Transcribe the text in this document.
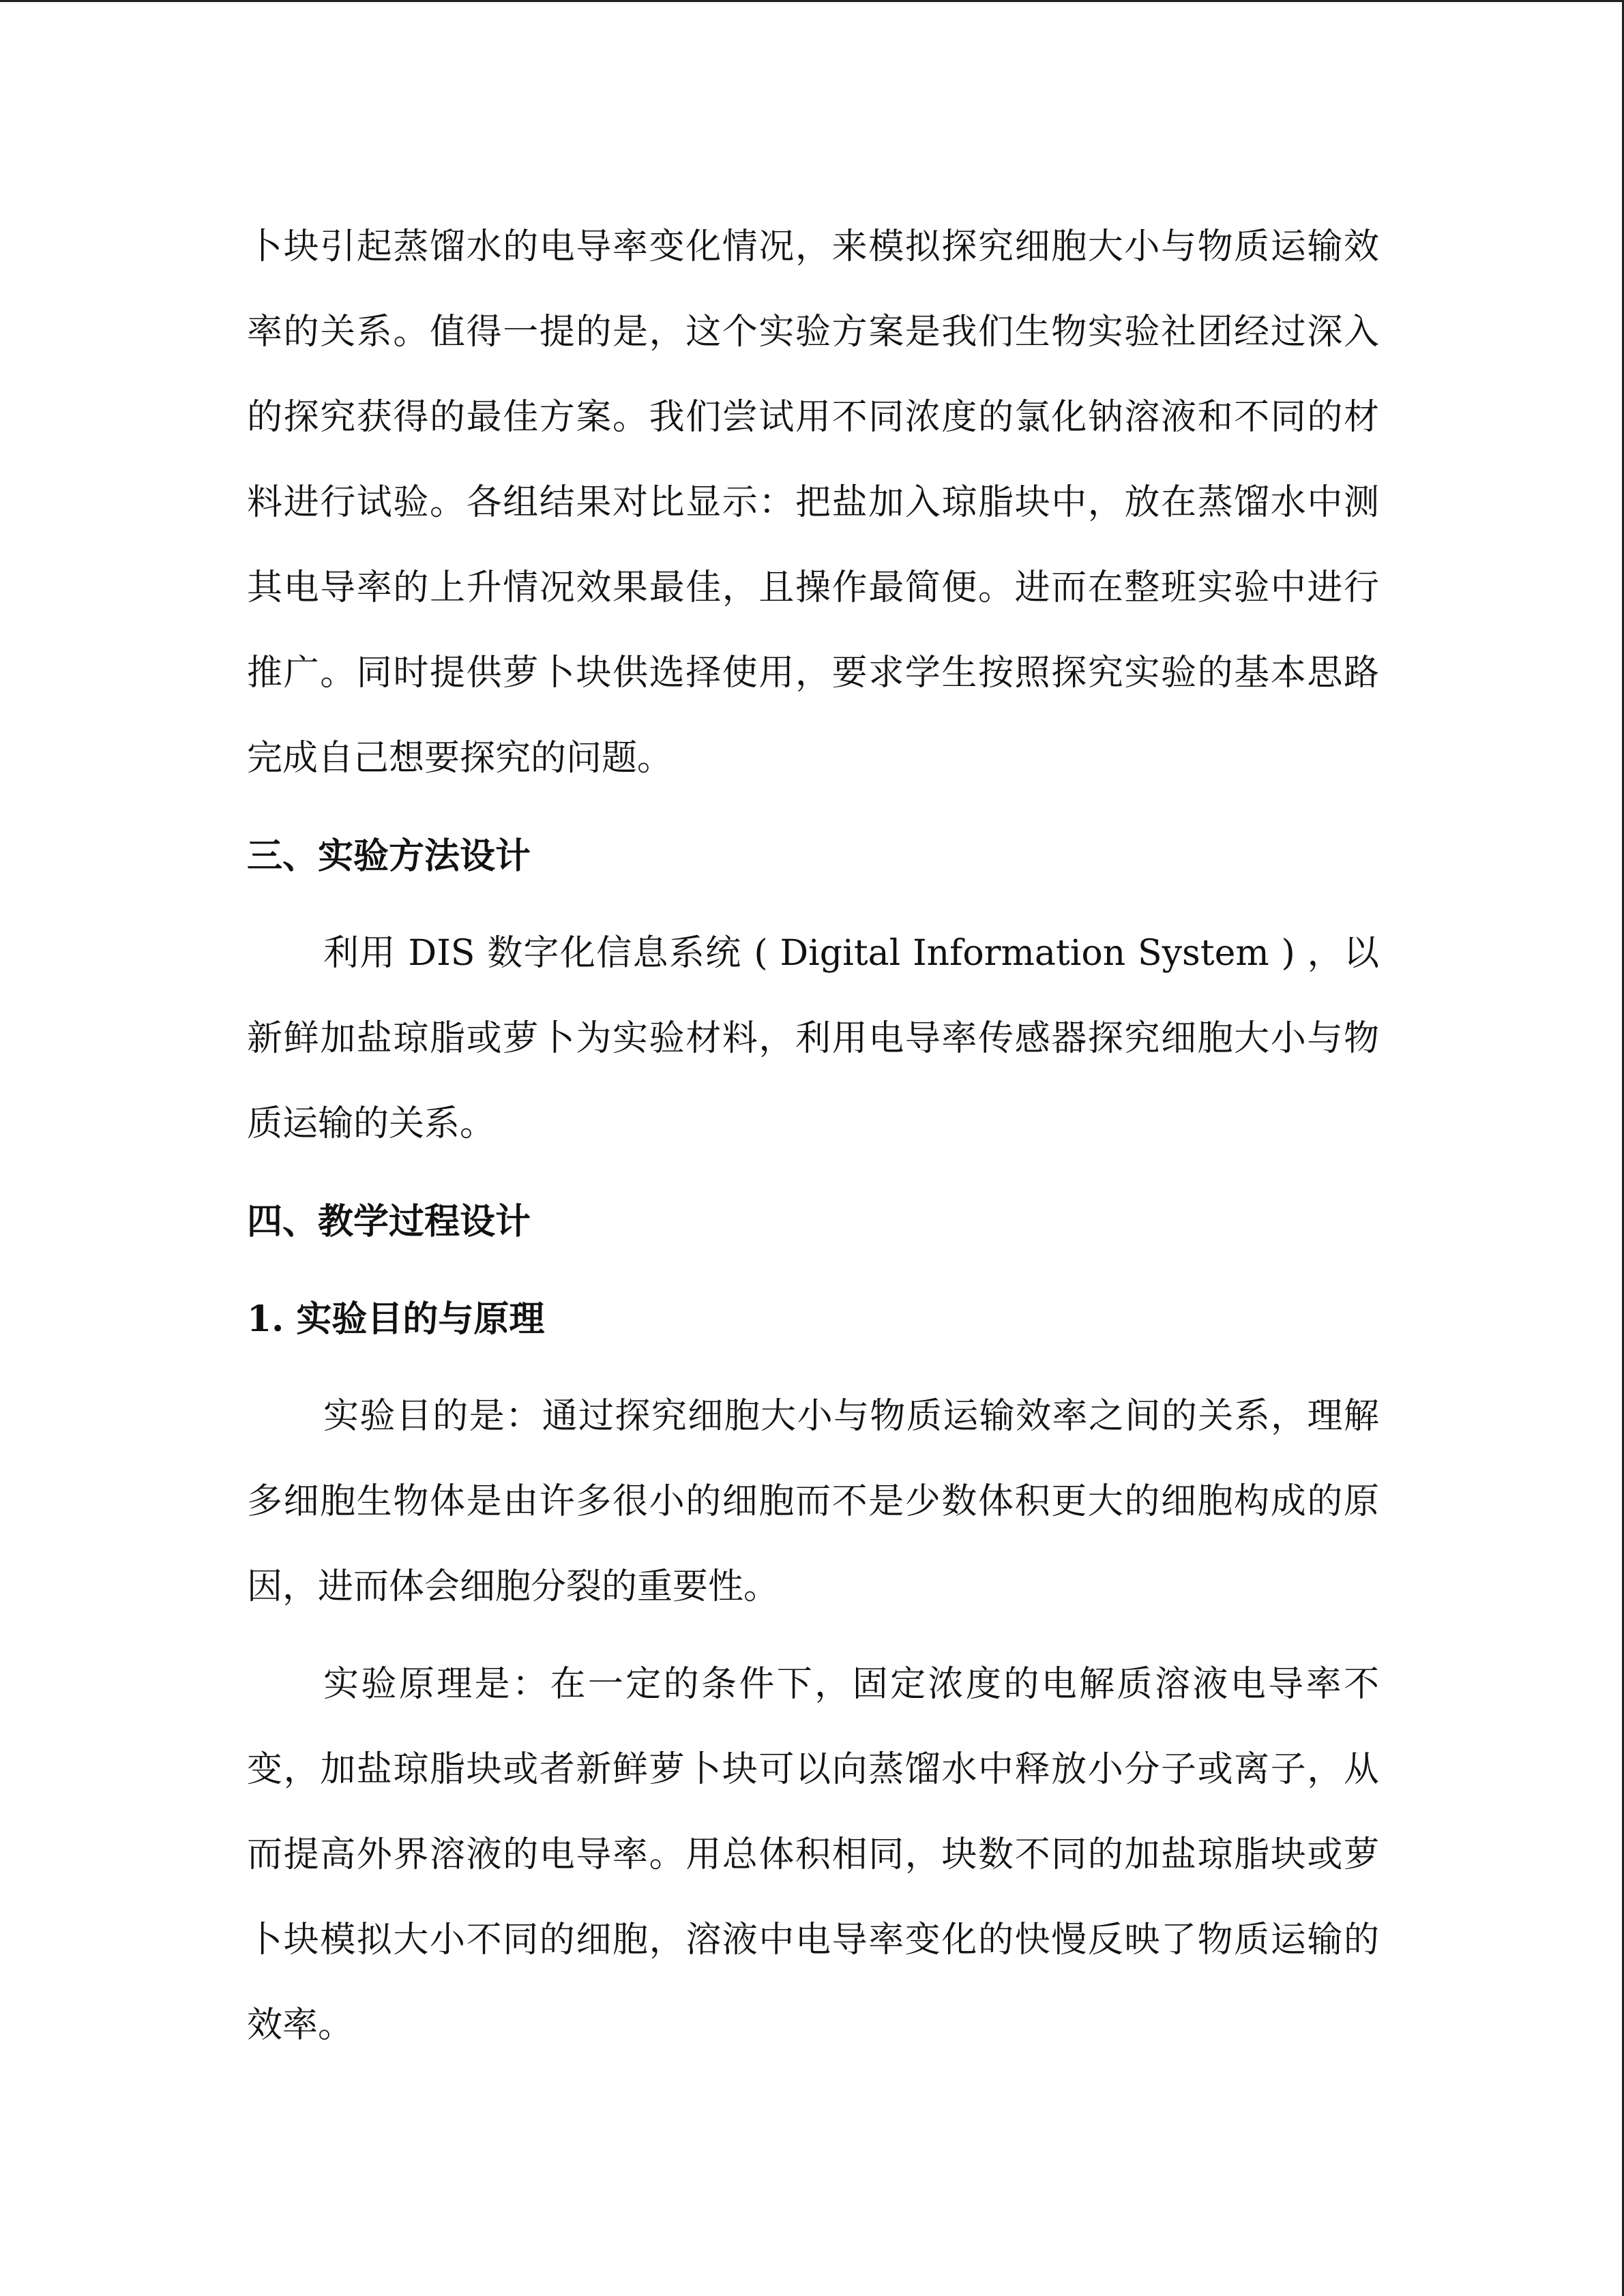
卜块引起蒸馏水的电导率变化情况，来模拟探究细胞大小与物质运输效率的关系。值得一提的是，这个实验方案是我们生物实验社团经过深入的探究获得的最佳方案。我们尝试用不同浓度的氯化钠溶液和不同的材料进行试验。各组结果对比显示：把盐加入琼脂块中，放在蒸馏水中测其电导率的上升情况效果最佳，且操作最简便。进而在整班实验中进行推广。同时提供萝卜块供选择使用，要求学生按照探究实验的基本思路完成自己想要探究的问题。

三、实验方法设计

利用 DIS 数字化信息系统 ( Digital Information System ) ，以新鲜加盐琼脂或萝卜为实验材料，利用电导率传感器探究细胞大小与物质运输的关系。

四、教学过程设计
1. 实验目的与原理

实验目的是：通过探究细胞大小与物质运输效率之间的关系，理解多细胞生物体是由许多很小的细胞而不是少数体积更大的细胞构成的原因，进而体会细胞分裂的重要性。

实验原理是：在一定的条件下，固定浓度的电解质溶液电导率不变，加盐琼脂块或者新鲜萝卜块可以向蒸馏水中释放小分子或离子，从而提高外界溶液的电导率。用总体积相同，块数不同的加盐琼脂块或萝卜块模拟大小不同的细胞，溶液中电导率变化的快慢反映了物质运输的效率。
